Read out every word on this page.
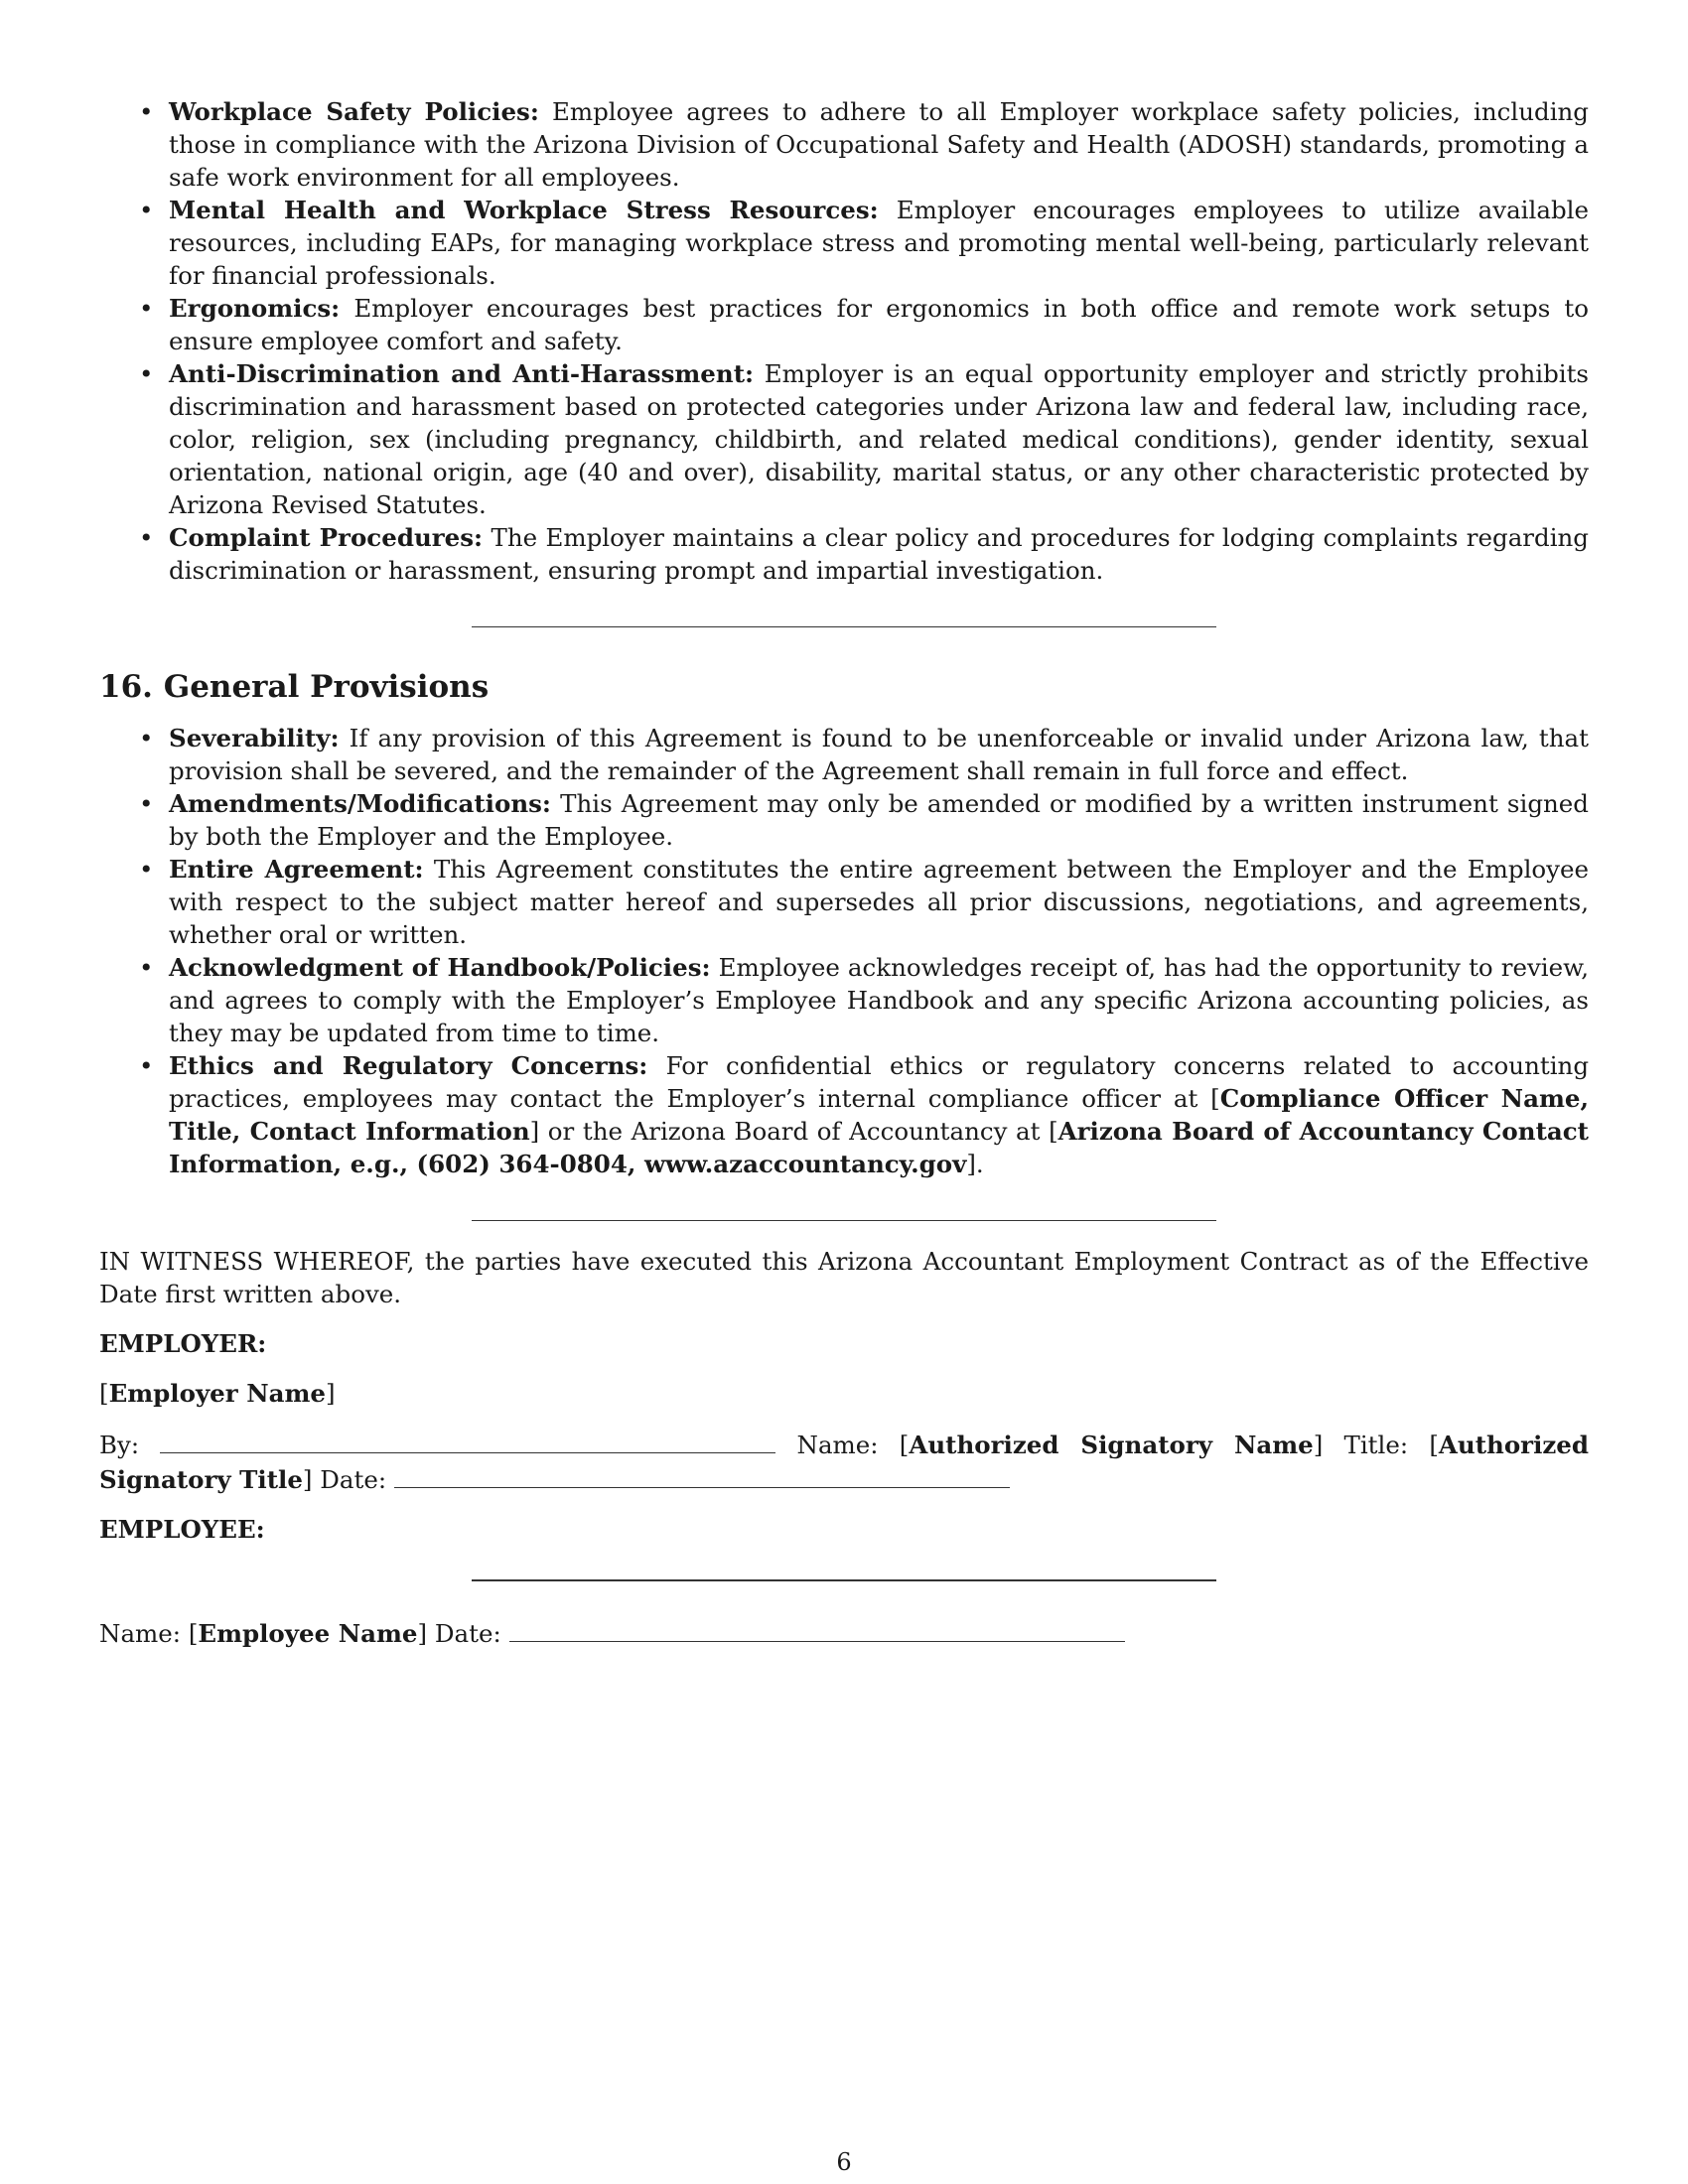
• Workplace Safety Policies: Employee agrees to adhere to all Employer workplace safety policies, including those in compliance with the Arizona Division of Occupational Safety and Health (ADOSH) standards, promoting a safe work environment for all employees.
• Mental Health and Workplace Stress Resources: Employer encourages employees to utilize available resources, including EAPs, for managing workplace stress and promoting mental well-being, particularly relevant for financial professionals.
• Ergonomics: Employer encourages best practices for ergonomics in both office and remote work setups to ensure employee comfort and safety.
• Anti-Discrimination and Anti-Harassment: Employer is an equal opportunity employer and strictly prohibits discrimination and harassment based on protected categories under Arizona law and federal law, including race, color, religion, sex (including pregnancy, childbirth, and related medical conditions), gender identity, sexual orientation, national origin, age (40 and over), disability, marital status, or any other characteristic protected by Arizona Revised Statutes.
• Complaint Procedures: The Employer maintains a clear policy and procedures for lodging complaints regarding discrimination or harassment, ensuring prompt and impartial investigation.
16. General Provisions
• Severability: If any provision of this Agreement is found to be unenforceable or invalid under Arizona law, that provision shall be severed, and the remainder of the Agreement shall remain in full force and effect.
• Amendments/Modifications: This Agreement may only be amended or modified by a written instrument signed by both the Employer and the Employee.
• Entire Agreement: This Agreement constitutes the entire agreement between the Employer and the Employee with respect to the subject matter hereof and supersedes all prior discussions, negotiations, and agreements, whether oral or written.
• Acknowledgment of Handbook/Policies: Employee acknowledges receipt of, has had the opportunity to review, and agrees to comply with the Employer’s Employee Handbook and any specific Arizona accounting policies, as they may be updated from time to time.
• Ethics and Regulatory Concerns: For confidential ethics or regulatory concerns related to accounting practices, employees may contact the Employer’s internal compliance officer at [Compliance Officer Name, Title, Contact Information] or the Arizona Board of Accountancy at [Arizona Board of Accountancy Contact Information, e.g., (602) 364-0804, www.azaccountancy.gov].
IN WITNESS WHEREOF, the parties have executed this Arizona Accountant Employment Contract as of the Effective Date first written above.
EMPLOYER:
[Employer Name]
By:	Name: [Authorized Signatory Name] Title: [Authorized Signatory Title] Date:
EMPLOYEE:
Name: [Employee Name] Date:
6
